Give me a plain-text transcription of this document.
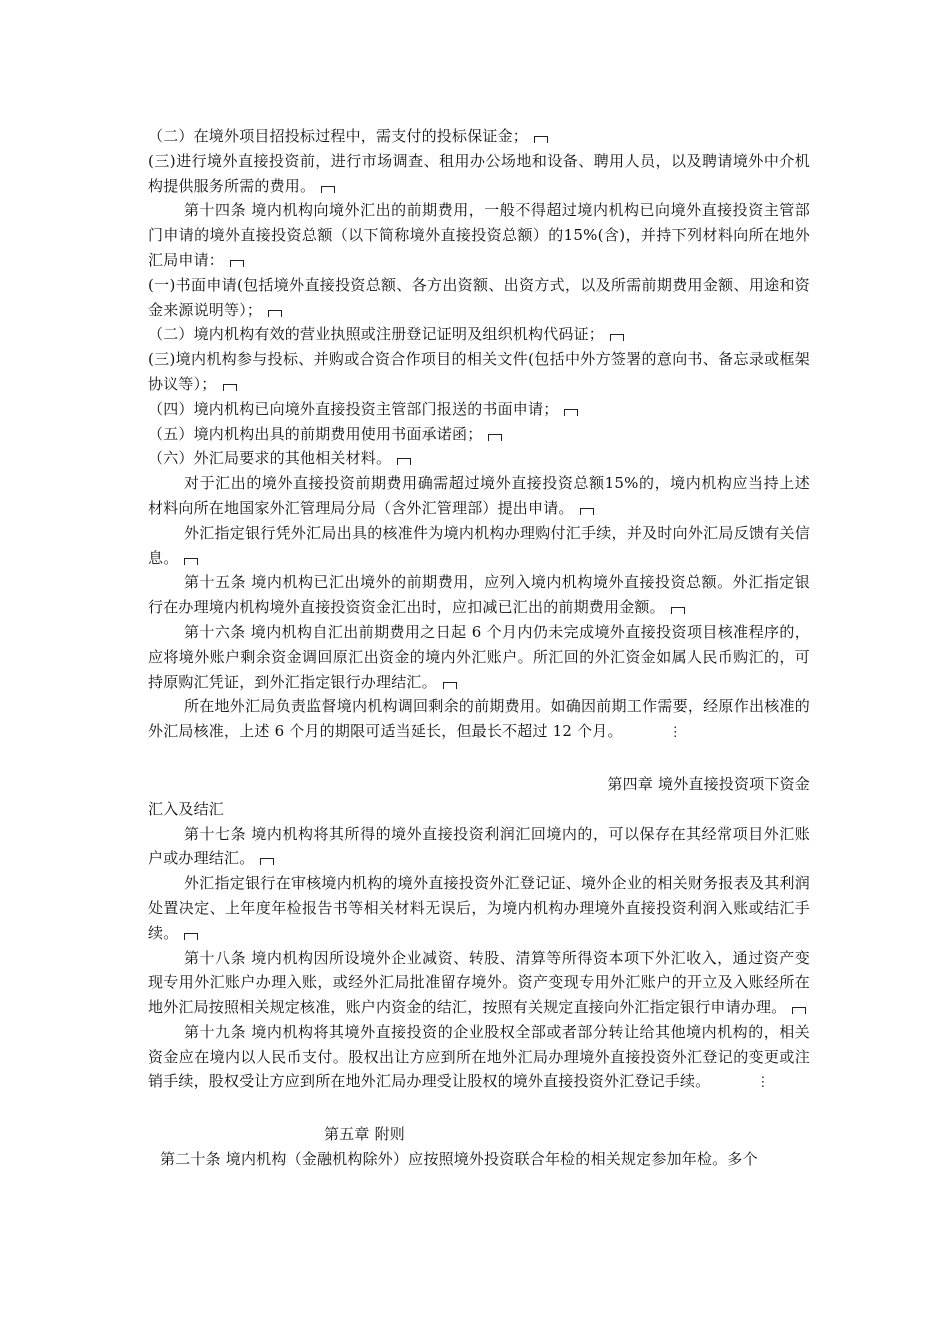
（二）在境外项目招投标过程中，需支付的投标保证金；

(三)进行境外直接投资前，进行市场调查、租用办公场地和设备、聘用人员，以及聘请境外中介机构提供服务所需的费用。

第十四条 境内机构向境外汇出的前期费用，一般不得超过境内机构已向境外直接投资主管部门申请的境外直接投资总额（以下简称境外直接投资总额）的15%(含)，并持下列材料向所在地外汇局申请：

(一)书面申请(包括境外直接投资总额、各方出资额、出资方式，以及所需前期费用金额、用途和资金来源说明等）；

（二）境内机构有效的营业执照或注册登记证明及组织机构代码证；

(三)境内机构参与投标、并购或合资合作项目的相关文件(包括中外方签署的意向书、备忘录或框架协议等）；

（四）境内机构已向境外直接投资主管部门报送的书面申请；

（五）境内机构出具的前期费用使用书面承诺函；

（六）外汇局要求的其他相关材料。

对于汇出的境外直接投资前期费用确需超过境外直接投资总额15%的，境内机构应当持上述材料向所在地国家外汇管理局分局（含外汇管理部）提出申请。

外汇指定银行凭外汇局出具的核准件为境内机构办理购付汇手续，并及时向外汇局反馈有关信息。

第十五条 境内机构已汇出境外的前期费用，应列入境内机构境外直接投资总额。外汇指定银行在办理境内机构境外直接投资资金汇出时，应扣减已汇出的前期费用金额。

第十六条 境内机构自汇出前期费用之日起 6 个月内仍未完成境外直接投资项目核准程序的，应将境外账户剩余资金调回原汇出资金的境内外汇账户。所汇回的外汇资金如属人民币购汇的，可持原购汇凭证，到外汇指定银行办理结汇。

所在地外汇局负责监督境内机构调回剩余的前期费用。如确因前期工作需要，经原作出核准的外汇局核准，上述 6 个月的期限可适当延长，但最长不超过 12 个月。	⋮

第四章 境外直接投资项下资金

汇入及结汇

第十七条 境内机构将其所得的境外直接投资利润汇回境内的，可以保存在其经常项目外汇账户或办理结汇。

外汇指定银行在审核境内机构的境外直接投资外汇登记证、境外企业的相关财务报表及其利润处置决定、上年度年检报告书等相关材料无误后，为境内机构办理境外直接投资利润入账或结汇手续。

第十八条 境内机构因所设境外企业减资、转股、清算等所得资本项下外汇收入，通过资产变现专用外汇账户办理入账，或经外汇局批准留存境外。资产变现专用外汇账户的开立及入账经所在地外汇局按照相关规定核准，账户内资金的结汇，按照有关规定直接向外汇指定银行申请办理。

第十九条 境内机构将其境外直接投资的企业股权全部或者部分转让给其他境内机构的，相关资金应在境内以人民币支付。股权出让方应到所在地外汇局办理境外直接投资外汇登记的变更或注销手续，股权受让方应到所在地外汇局办理受让股权的境外直接投资外汇登记手续。	⋮

第五章 附则

第二十条 境内机构（金融机构除外）应按照境外投资联合年检的相关规定参加年检。多个
